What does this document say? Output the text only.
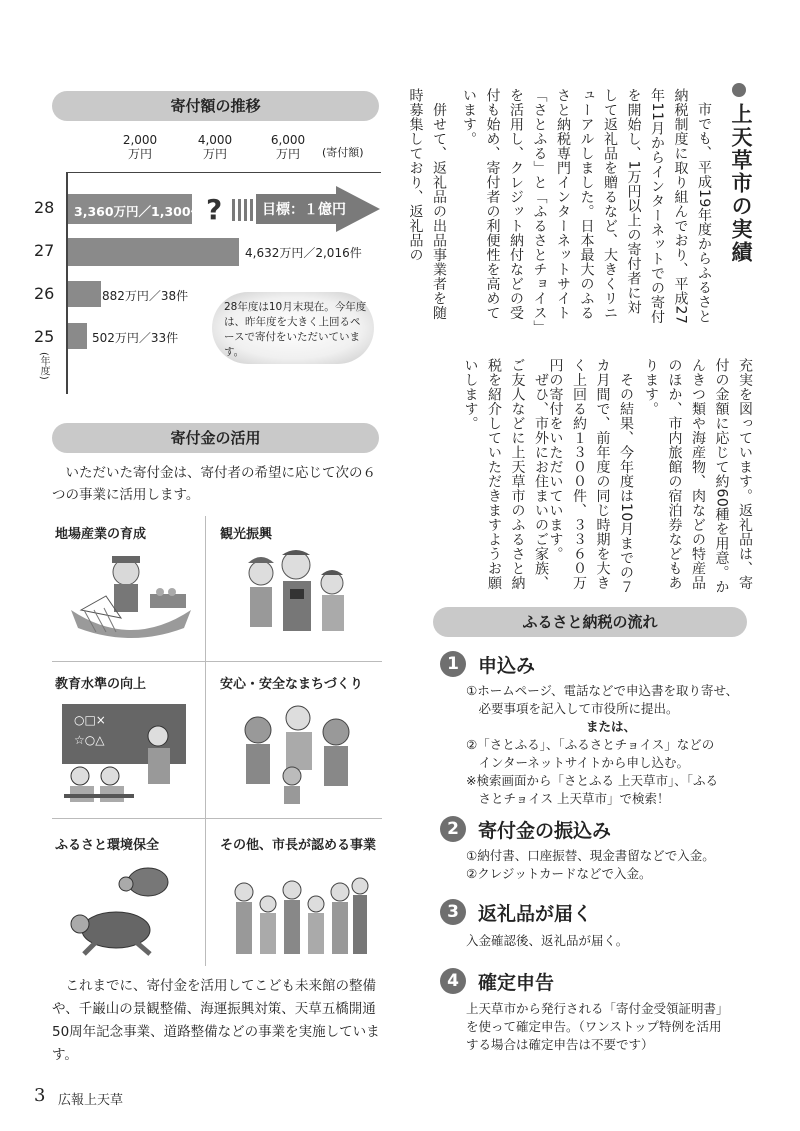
寄付額の推移
2,000
万円
4,000
万円
6,000
万円	(寄付額)
28
27
26
25
(年度)
3,360万円／1,300件
4,632万円／2,016件
882万円／38件
502万円／33件
?	目標：１億円
28年度は10月末現在。今年度は、昨年度を大きく上回るペースで寄付をいただいています。
寄付金の活用
いただいた寄付金は、寄付者の希望に応じて次の６つの事業に活用します。
地場産業の育成	観光振興
教育水準の向上	安心・安全なまちづくり
ふるさと環境保全	その他、市長が認める事業
○□×
☆○△
これまでに、寄付金を活用してこども未来館の整備や、千巌山の景観整備、海運振興対策、天草五橋開通50周年記念事業、道路整備などの事業を実施しています。
上天草市の実績
市でも、平成19年度からふるさと納税制度に取り組んでおり、平成27年11月からインターネットでの寄付を開始し、1万円以上の寄付者に対して返礼品を贈るなど、大きくリニューアルしました。日本最大のふるさと納税専門インターネットサイト「さとふる」と「ふるさとチョイス」を活用し、クレジット納付などの受付も始め、寄付者の利便性を高めています。
　併せて、返礼品の出品事業者を随時募集しており、返礼品の
充実を図っています。返礼品は、寄付の金額に応じて約60種を用意。かんきつ類や海産物、肉などの特産品のほか、市内旅館の宿泊券などもあります。
　その結果、今年度は10月までの７カ月間で、前年度の同じ時期を大きく上回る約１３００件、３３６０万円の寄付をいただいています。
　ぜひ、市外にお住まいのご家族、ご友人などに上天草市のふるさと納税を紹介していただきますようお願いします。
ふるさと納税の流れ
1	申込み
①ホームページ、電話などで申込書を取り寄せ、
　必要事項を記入して市役所に提出。
または、
②「さとふる」、「ふるさとチョイス」などの
　インターネットサイトから申し込む。
※検索画面から「さとふる 上天草市」、「ふる
　さとチョイス 上天草市」で検索！
2	寄付金の振込み
①納付書、口座振替、現金書留などで入金。
②クレジットカードなどで入金。
3	返礼品が届く
入金確認後、返礼品が届く。
4	確定申告
上天草市から発行される「寄付金受領証明書」
を使って確定申告。（ワンストップ特例を活用
する場合は確定申告は不要です）
3 広報上天草
